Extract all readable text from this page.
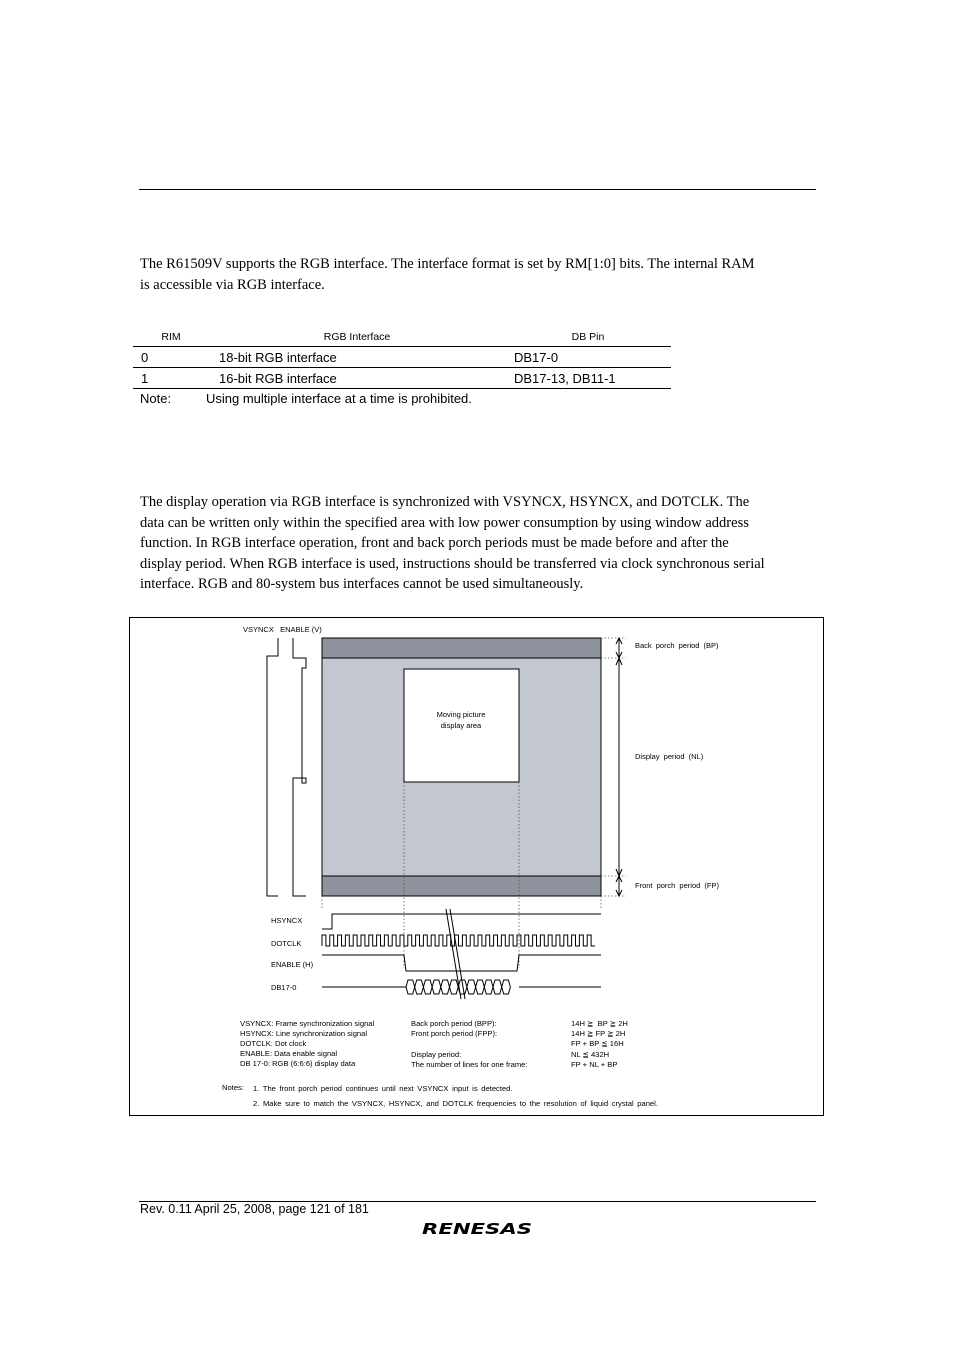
The R61509V supports the RGB interface. The interface format is set by RM[1:0] bits. The internal RAM
is accessible via RGB interface.
RIM	RGB Interface	DB Pin
0	18-bit RGB interface	DB17-0
1	16-bit RGB interface	DB17-13, DB11-1
Note:	Using multiple interface at a time is prohibited.
The display operation via RGB interface is synchronized with VSYNCX, HSYNCX, and DOTCLK. The
data can be written only within the specified area with low power consumption by using window address
function. In RGB interface operation, front and back porch periods must be made before and after the
display period. When RGB interface is used, instructions should be transferred via clock synchronous serial
interface. RGB and 80-system bus interfaces cannot be used simultaneously.
VSYNCX   ENABLE (V)
Moving picture
display area
Back porch period (BP)
Display period (NL)
Front porch period (FP)
HSYNCX
DOTCLK
ENABLE (H)
DB17-0
VSYNCX: Frame synchronization signal
HSYNCX: Line synchronization signal
DOTCLK: Dot clock
ENABLE: Data enable signal
DB 17-0: RGB (6:6:6) display data
Back porch period (BPP):
Front porch period (FPP):
Display period:
The number of lines for one frame:
14H ≧  BP ≧ 2H
14H ≧ FP ≧ 2H
FP + BP ≦ 16H
NL ≦ 432H
FP + NL + BP
Notes: 1. The front porch period continues until next VSYNCX input is detected.
2. Make sure to match the VSYNCX, HSYNCX, and DOTCLK frequencies to the resolution of liquid crystal panel.
Rev. 0.11 April 25, 2008, page 121 of 181
RENESAS
